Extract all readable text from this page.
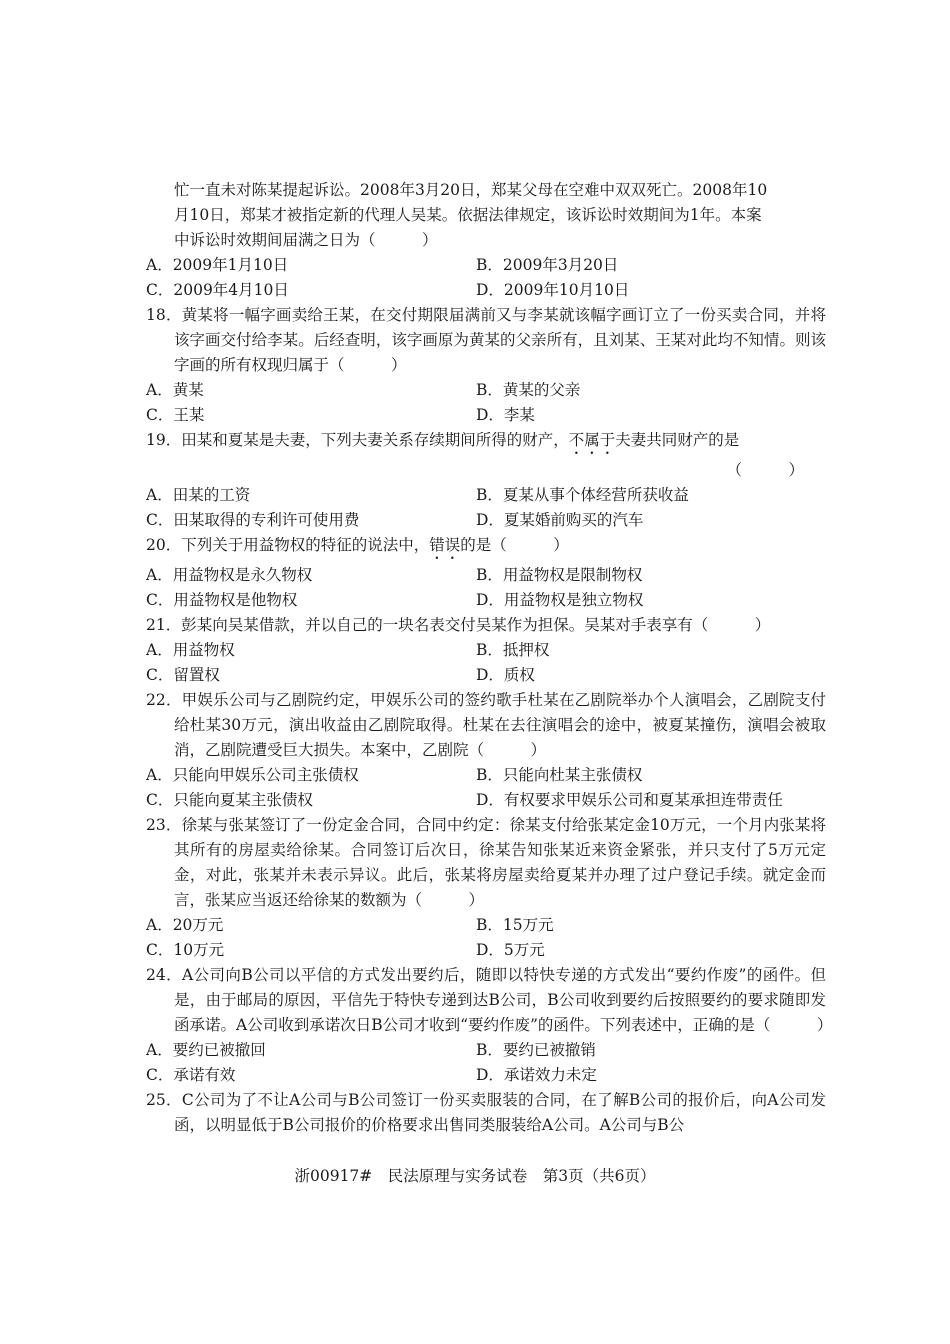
忙一直未对陈某提起诉讼。2008年3月20日，郑某父母在空难中双双死亡。2008年10
月10日，郑某才被指定新的代理人吴某。依据法律规定，该诉讼时效期间为1年。本案
中诉讼时效期间届满之日为（　　　）
A．2009年1月10日	B．2009年3月20日
C．2009年4月10日	D．2009年10月10日

18．黄某将一幅字画卖给王某，在交付期限届满前又与李某就该幅字画订立了一份买卖合同，并将该字画交付给李某。后经查明，该字画原为黄某的父亲所有，且刘某、王某对此均不知情。则该字画的所有权现归属于（　　　）

A．黄某	B．黄某的父亲
C．王某	D．李某

19．田某和夏某是夫妻，下列夫妻关系存续期间所得的财产，不属于夫妻共同财产的是

（　　　）
A．田某的工资	B．夏某从事个体经营所获收益
C．田某取得的专利许可使用费	D．夏某婚前购买的汽车

20．下列关于用益物权的特征的说法中，错误的是（　　　）

A．用益物权是永久物权	B．用益物权是限制物权
C．用益物权是他物权	D．用益物权是独立物权

21．彭某向吴某借款，并以自己的一块名表交付吴某作为担保。吴某对手表享有（　　　）

A．用益物权	B．抵押权
C．留置权	D．质权

22．甲娱乐公司与乙剧院约定，甲娱乐公司的签约歌手杜某在乙剧院举办个人演唱会，乙剧院支付给杜某30万元，演出收益由乙剧院取得。杜某在去往演唱会的途中，被夏某撞伤，演唱会被取消，乙剧院遭受巨大损失。本案中，乙剧院（　　　）

A．只能向甲娱乐公司主张债权	B．只能向杜某主张债权
C．只能向夏某主张债权	D．有权要求甲娱乐公司和夏某承担连带责任

23．徐某与张某签订了一份定金合同，合同中约定：徐某支付给张某定金10万元，一个月内张某将其所有的房屋卖给徐某。合同签订后次日，徐某告知张某近来资金紧张，并只支付了5万元定金，对此，张某并未表示异议。此后，张某将房屋卖给夏某并办理了过户登记手续。就定金而言，张某应当返还给徐某的数额为（　　　）

A．20万元	B．15万元
C．10万元	D．5万元

24．A公司向B公司以平信的方式发出要约后，随即以特快专递的方式发出“要约作废”的函件。但是，由于邮局的原因，平信先于特快专递到达B公司，B公司收到要约后按照要约的要求随即发函承诺。A公司收到承诺次日B公司才收到“要约作废”的函件。下列表述中，正确的是（　　　）

A．要约已被撤回	B．要约已被撤销
C．承诺有效	D．承诺效力未定

25．C公司为了不让A公司与B公司签订一份买卖服装的合同，在了解B公司的报价后，向A公司发函，以明显低于B公司报价的价格要求出售同类服装给A公司。A公司与B公

浙00917#　民法原理与实务试卷　第3页（共6页）
